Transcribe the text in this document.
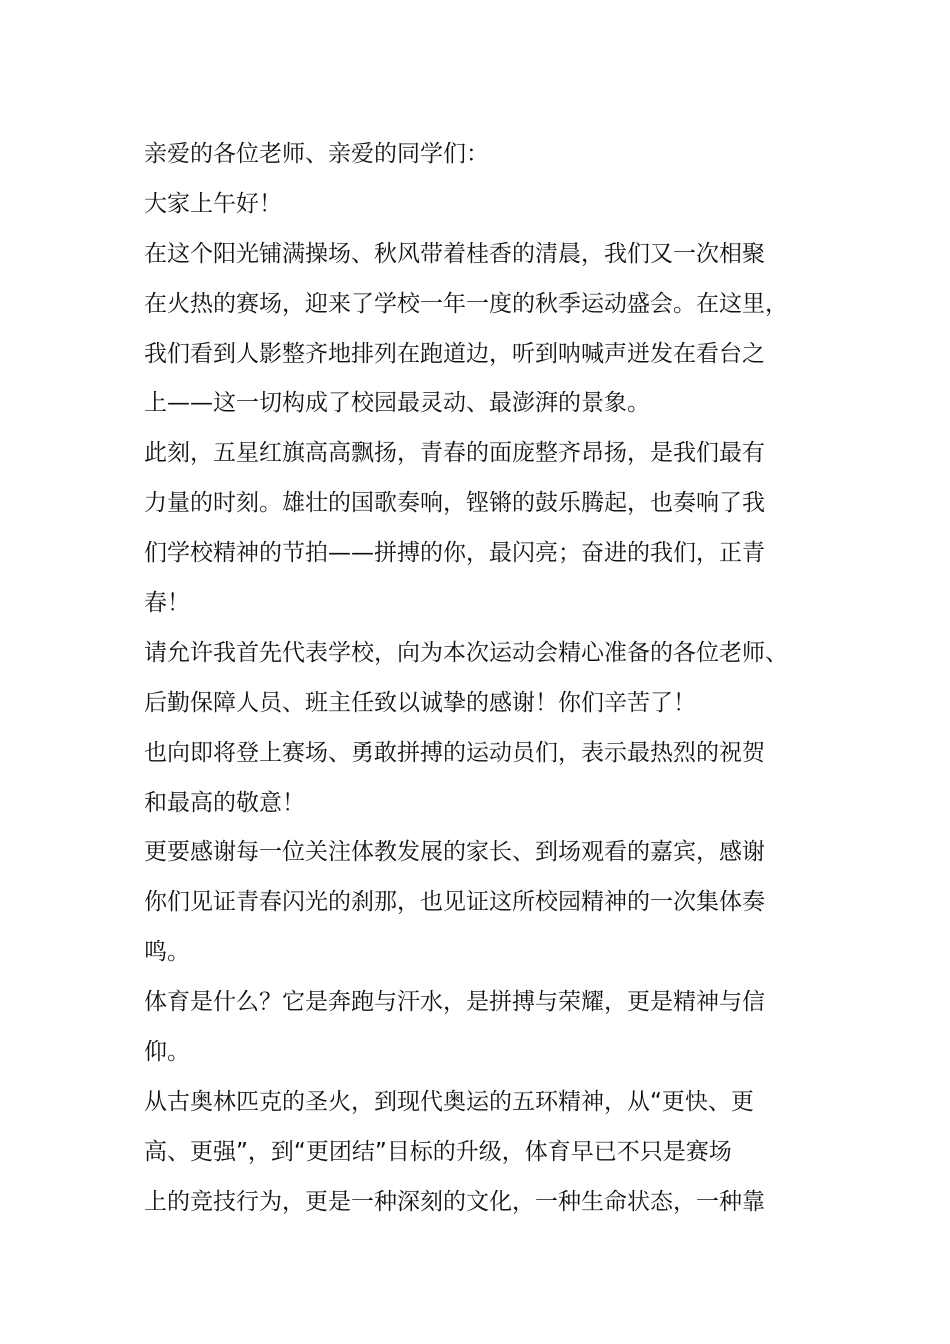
亲爱的各位老师、亲爱的同学们：
大家上午好！
在这个阳光铺满操场、秋风带着桂香的清晨，我们又一次相聚
在火热的赛场，迎来了学校一年一度的秋季运动盛会。在这里，
我们看到人影整齐地排列在跑道边，听到呐喊声迸发在看台之
上——这一切构成了校园最灵动、最澎湃的景象。
此刻，五星红旗高高飘扬，青春的面庞整齐昂扬，是我们最有
力量的时刻。雄壮的国歌奏响，铿锵的鼓乐腾起，也奏响了我
们学校精神的节拍——拼搏的你，最闪亮；奋进的我们，正青
春！
请允许我首先代表学校，向为本次运动会精心准备的各位老师、
后勤保障人员、班主任致以诚挚的感谢！你们辛苦了！
也向即将登上赛场、勇敢拼搏的运动员们，表示最热烈的祝贺
和最高的敬意！
更要感谢每一位关注体教发展的家长、到场观看的嘉宾，感谢
你们见证青春闪光的刹那，也见证这所校园精神的一次集体奏
鸣。
体育是什么？它是奔跑与汗水，是拼搏与荣耀，更是精神与信
仰。
从古奥林匹克的圣火，到现代奥运的五环精神，从“更快、更
高、更强”，到“更团结”目标的升级，体育早已不只是赛场
上的竞技行为，更是一种深刻的文化，一种生命状态，一种靠
